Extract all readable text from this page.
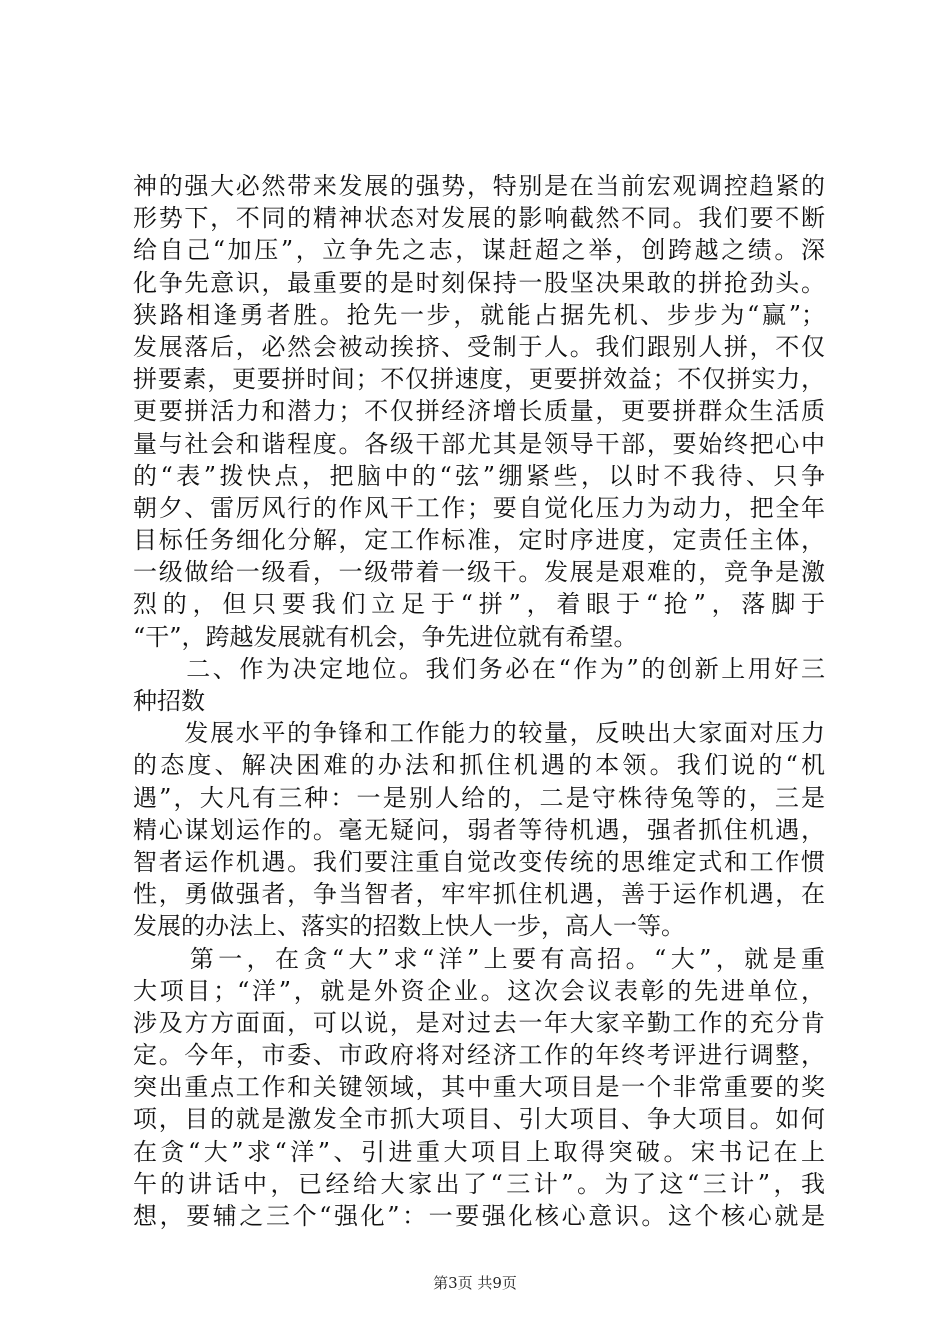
神的强大必然带来发展的强势，特别是在当前宏观调控趋紧的
形势下，不同的精神状态对发展的影响截然不同。我们要不断
给自己“加压”，立争先之志，谋赶超之举，创跨越之绩。深
化争先意识，最重要的是时刻保持一股坚决果敢的拼抢劲头。
狭路相逢勇者胜。抢先一步，就能占据先机、步步为“赢”；
发展落后，必然会被动挨挤、受制于人。我们跟别人拼，不仅
拼要素，更要拼时间；不仅拼速度，更要拼效益；不仅拼实力，
更要拼活力和潜力；不仅拼经济增长质量，更要拼群众生活质
量与社会和谐程度。各级干部尤其是领导干部，要始终把心中
的“表”拨快点，把脑中的“弦”绷紧些，以时不我待、只争
朝夕、雷厉风行的作风干工作；要自觉化压力为动力，把全年
目标任务细化分解，定工作标准，定时序进度，定责任主体，
一级做给一级看，一级带着一级干。发展是艰难的，竞争是激
烈的，但只要我们立足于“拼”，着眼于“抢”，落脚于
“干”，跨越发展就有机会，争先进位就有希望。
　　二、作为决定地位。我们务必在“作为”的创新上用好三
种招数
　　发展水平的争锋和工作能力的较量，反映出大家面对压力
的态度、解决困难的办法和抓住机遇的本领。我们说的“机
遇”，大凡有三种：一是别人给的，二是守株待兔等的，三是
精心谋划运作的。毫无疑问，弱者等待机遇，强者抓住机遇，
智者运作机遇。我们要注重自觉改变传统的思维定式和工作惯
性，勇做强者，争当智者，牢牢抓住机遇，善于运作机遇，在
发展的办法上、落实的招数上快人一步，高人一等。
　　第一，在贪“大”求“洋”上要有高招。“大”，就是重
大项目；“洋”，就是外资企业。这次会议表彰的先进单位，
涉及方方面面，可以说，是对过去一年大家辛勤工作的充分肯
定。今年，市委、市政府将对经济工作的年终考评进行调整，
突出重点工作和关键领域，其中重大项目是一个非常重要的奖
项，目的就是激发全市抓大项目、引大项目、争大项目。如何
在贪“大”求“洋”、引进重大项目上取得突破。宋书记在上
午的讲话中，已经给大家出了“三计”。为了这“三计”，我
想，要辅之三个“强化”：一要强化核心意识。这个核心就是
第3页 共9页
